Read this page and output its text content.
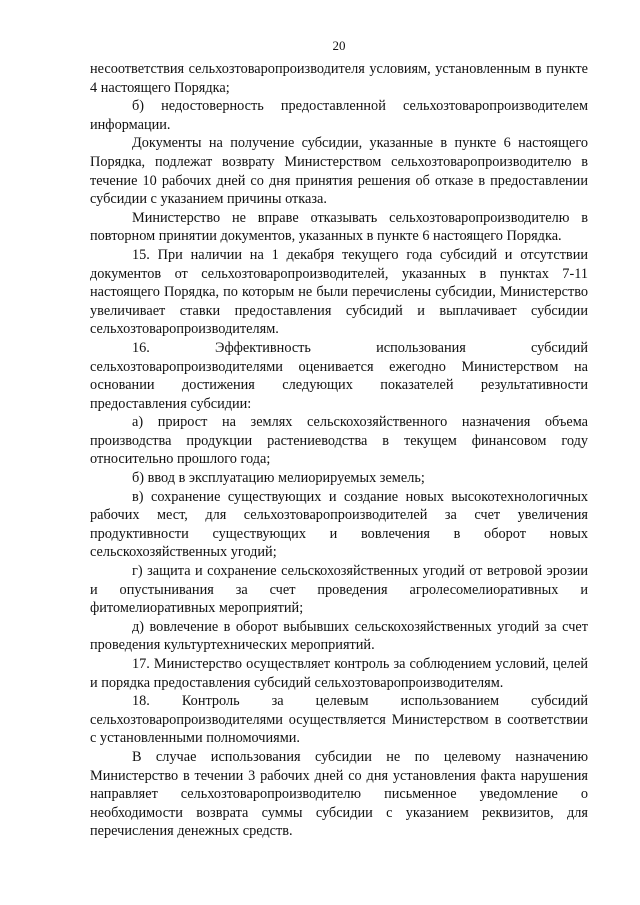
20

несоответствия сельхозтоваропроизводителя условиям, установленным в пункте 4 настоящего Порядка;

б) недостоверность предоставленной сельхозтоваропроизводителем информации.

Документы на получение субсидии, указанные в пункте 6 настоящего Порядка, подлежат возврату Министерством сельхозтоваропроизводителю в течение 10 рабочих дней со дня принятия решения об отказе в предоставлении субсидии с указанием причины отказа.

Министерство не вправе отказывать сельхозтоваропроизводителю в повторном принятии документов, указанных в пункте 6 настоящего Порядка.

15. При наличии на 1 декабря текущего года субсидий и отсутствии документов от сельхозтоваропроизводителей, указанных в пунктах 7-11 настоящего Порядка, по которым не были перечислены субсидии, Министерство увеличивает ставки предоставления субсидий и выплачивает субсидии сельхозтоваропроизводителям.

16. Эффективность использования субсидий сельхозтоваропроизводителями оценивается ежегодно Министерством на основании достижения следующих показателей результативности предоставления субсидии:

а) прирост на землях сельскохозяйственного назначения объема производства продукции растениеводства в текущем финансовом году относительно прошлого года;

б) ввод в эксплуатацию мелиорируемых земель;

в) сохранение существующих и создание новых высокотехнологичных рабочих мест, для сельхозтоваропроизводителей за счет увеличения продуктивности существующих и вовлечения в оборот новых сельскохозяйственных угодий;

г) защита и сохранение сельскохозяйственных угодий от ветровой эрозии и опустынивания за счет проведения агролесомелиоративных и фитомелиоративных мероприятий;

д) вовлечение в оборот выбывших сельскохозяйственных угодий за счет проведения культуртехнических мероприятий.

17. Министерство осуществляет контроль за соблюдением условий, целей и порядка предоставления субсидий сельхозтоваропроизводителям.

18. Контроль за целевым использованием субсидий сельхозтоваропроизводителями осуществляется Министерством в соответствии с установленными полномочиями.

В случае использования субсидии не по целевому назначению Министерство в течении 3 рабочих дней со дня установления факта нарушения направляет сельхозтоваропроизводителю письменное уведомление о необходимости возврата суммы субсидии с указанием реквизитов, для перечисления денежных средств.
